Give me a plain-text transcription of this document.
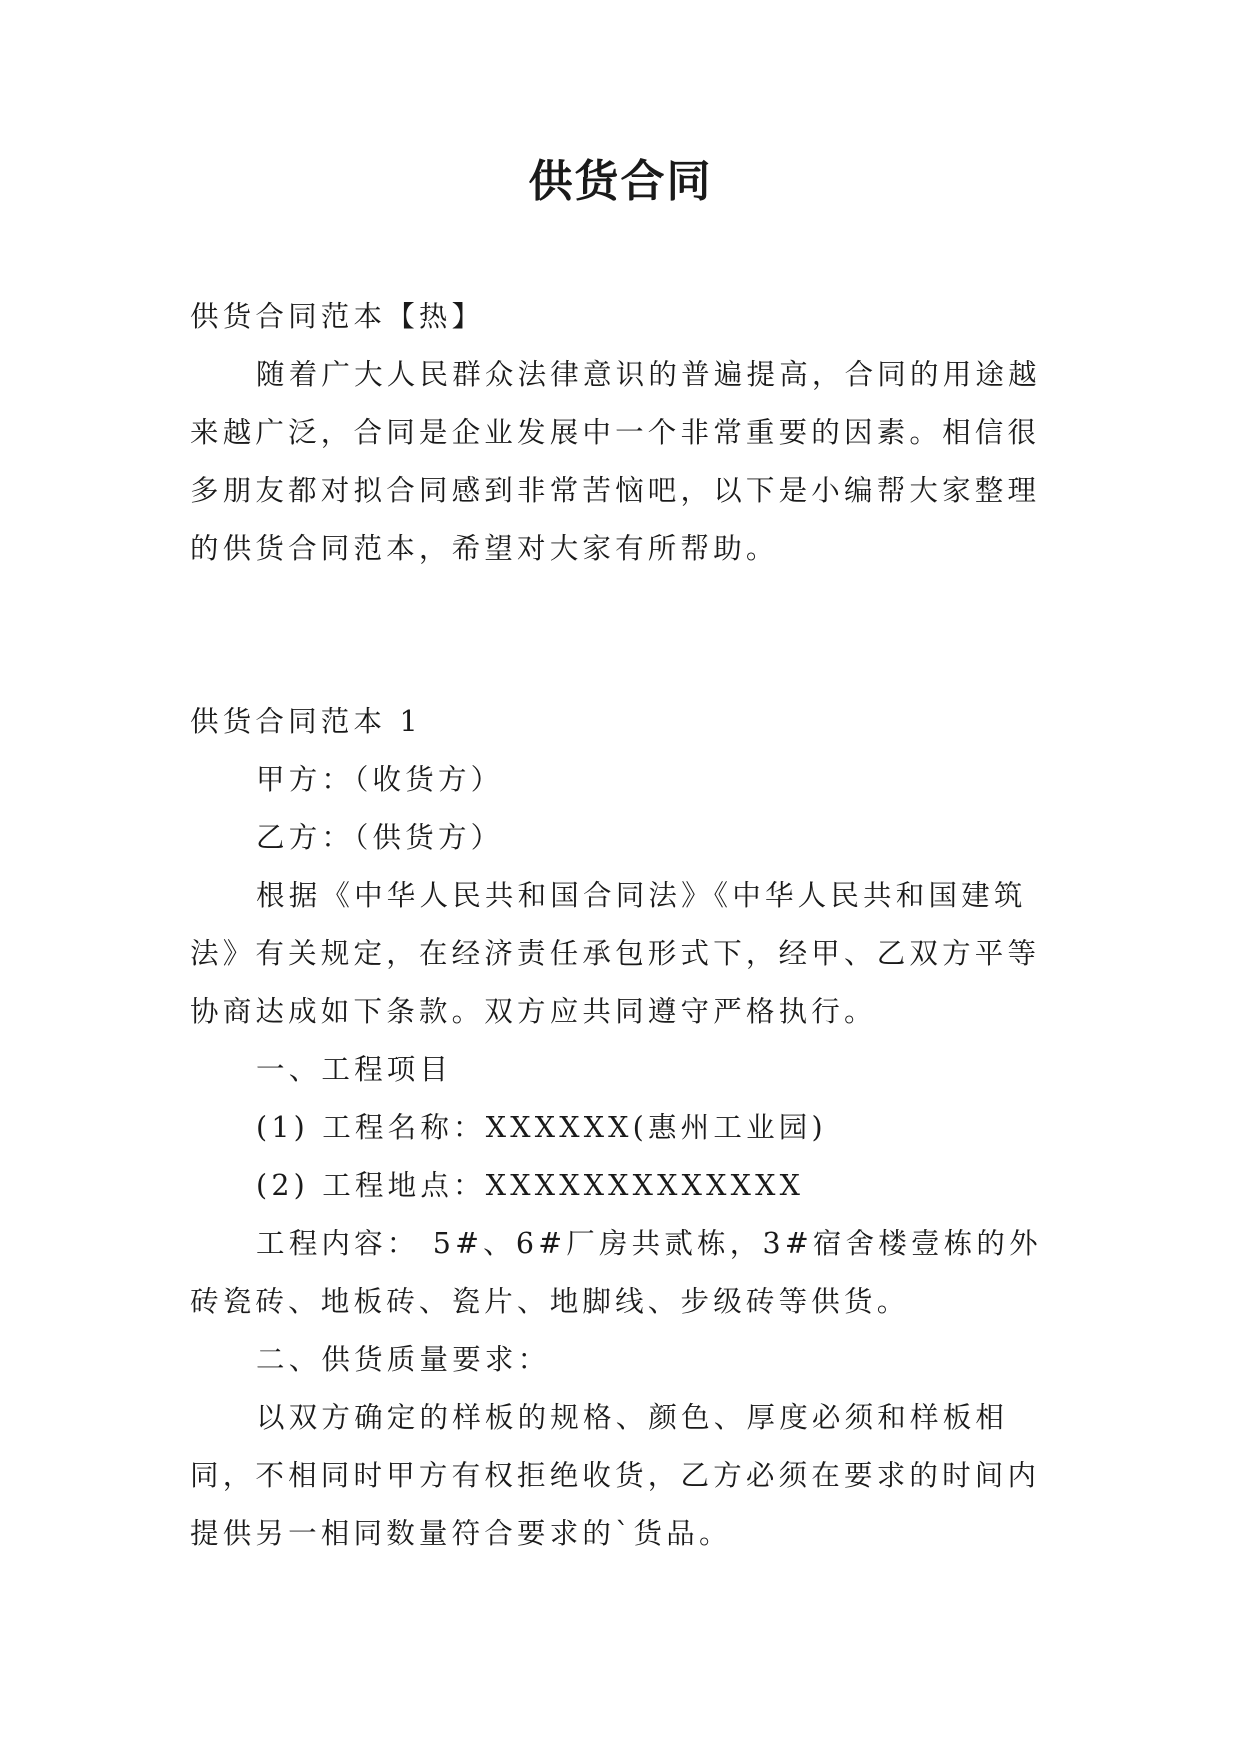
供货合同

供货合同范本【热】

随着广大人民群众法律意识的普遍提高，合同的用途越来越广泛，合同是企业发展中一个非常重要的因素。相信很多朋友都对拟合同感到非常苦恼吧，以下是小编帮大家整理的供货合同范本，希望对大家有所帮助。

供货合同范本 1

甲方：（收货方）

乙方：（供货方）

根据《中华人民共和国合同法》《中华人民共和国建筑法》有关规定，在经济责任承包形式下，经甲、乙双方平等协商达成如下条款。双方应共同遵守严格执行。

一、工程项目

(1) 工程名称：XXXXXX(惠州工业园)

(2) 工程地点：XXXXXXXXXXXXX

工程内容： 5#、6#厂房共贰栋，3#宿舍楼壹栋的外砖瓷砖、地板砖、瓷片、地脚线、步级砖等供货。

二、供货质量要求：

以双方确定的样板的规格、颜色、厚度必须和样板相同，不相同时甲方有权拒绝收货，乙方必须在要求的时间内提供另一相同数量符合要求的`货品。
